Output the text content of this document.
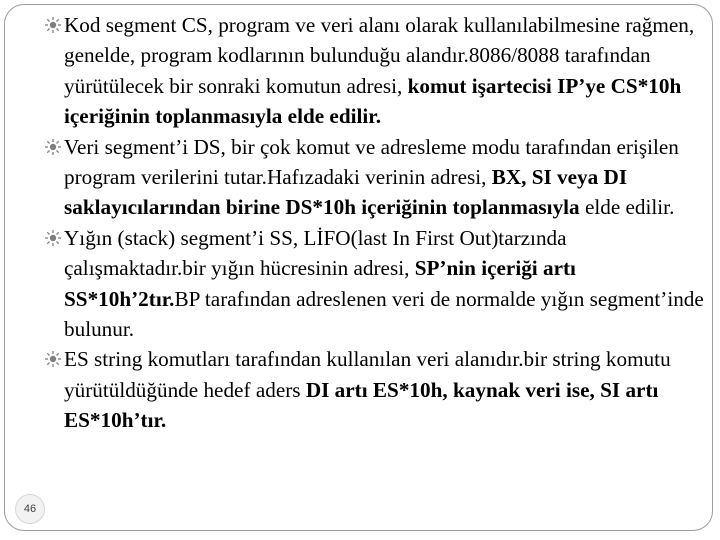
Kod segment CS, program ve veri alanı olarak kullanılabilmesine rağmen, genelde, program kodlarının bulunduğu alandır.8086/8088 tarafından yürütülecek bir sonraki komutun adresi, komut işartecisi IP’ye CS*10h içeriğinin toplanmasıyla elde edilir.
Veri segment’i DS, bir çok komut ve adresleme modu tarafından erişilen program verilerini tutar.Hafızadaki verinin adresi, BX, SI veya DI saklayıcılarından birine DS*10h içeriğinin toplanmasıyla elde edilir.
Yığın (stack) segment’i SS, LİFO(last In First Out)tarzında çalışmaktadır.bir yığın hücresinin adresi, SP’nin içeriği artı SS*10h’2tır.BP tarafından adreslenen veri de normalde yığın segment’inde bulunur.
ES string komutları tarafından kullanılan veri alanıdır.bir string komutu yürütüldüğünde hedef aders DI artı ES*10h, kaynak veri ise, SI artı ES*10h’tır.
46
